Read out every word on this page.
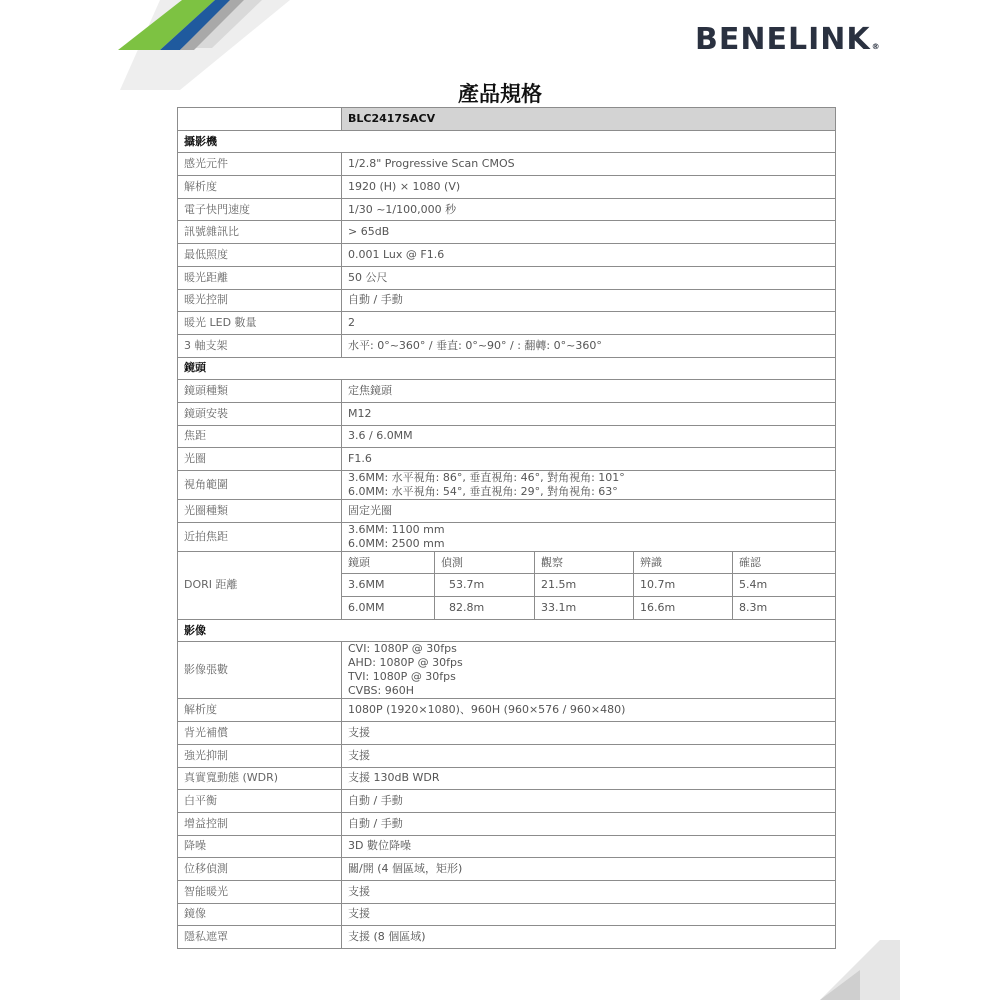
BENELINK®
產品規格
	BLC2417SACV				
攝影機					
感光元件	1/2.8" Progressive Scan CMOS				
解析度	1920 (H) × 1080 (V)				
電子快門速度	1/30 ~1/100,000 秒				
訊號雜訊比	> 65dB				
最低照度	0.001 Lux @ F1.6				
暖光距離	50 公尺				
暖光控制	自動 / 手動				
暖光 LED 數量	2				
3 軸支架	水平: 0°~360° / 垂直: 0°~90° / : 翻轉: 0°~360°				
鏡頭					
鏡頭種類	定焦鏡頭				
鏡頭安裝	M12				
焦距	3.6 / 6.0MM				
光圈	F1.6				
視角範圍	3.6MM: 水平視角: 86°, 垂直視角: 46°, 對角視角: 101°
6.0MM: 水平視角: 54°, 垂直視角: 29°, 對角視角: 63°				

光圈種類	固定光圈				
近拍焦距	3.6MM: 1100 mm
6.0MM: 2500 mm				

DORI 距離	鏡頭	偵測	觀察	辨識	確認
	3.6MM	53.7m	21.5m	10.7m	5.4m
	6.0MM	82.8m	33.1m	16.6m	8.3m
影像					
影像張數	CVI: 1080P @ 30fps
AHD: 1080P @ 30fps
TVI: 1080P @ 30fps
CVBS: 960H				

解析度	1080P (1920×1080)、960H (960×576 / 960×480)				
背光補償	支援				
強光抑制	支援				
真實寬動態 (WDR)	支援 130dB WDR				
白平衡	自動 / 手動				
增益控制	自動 / 手動				
降噪	3D 數位降噪				
位移偵測	關/開 (4 個區域，矩形)				
智能暖光	支援				
鏡像	支援				
隱私遮罩	支援 (8 個區域)				
